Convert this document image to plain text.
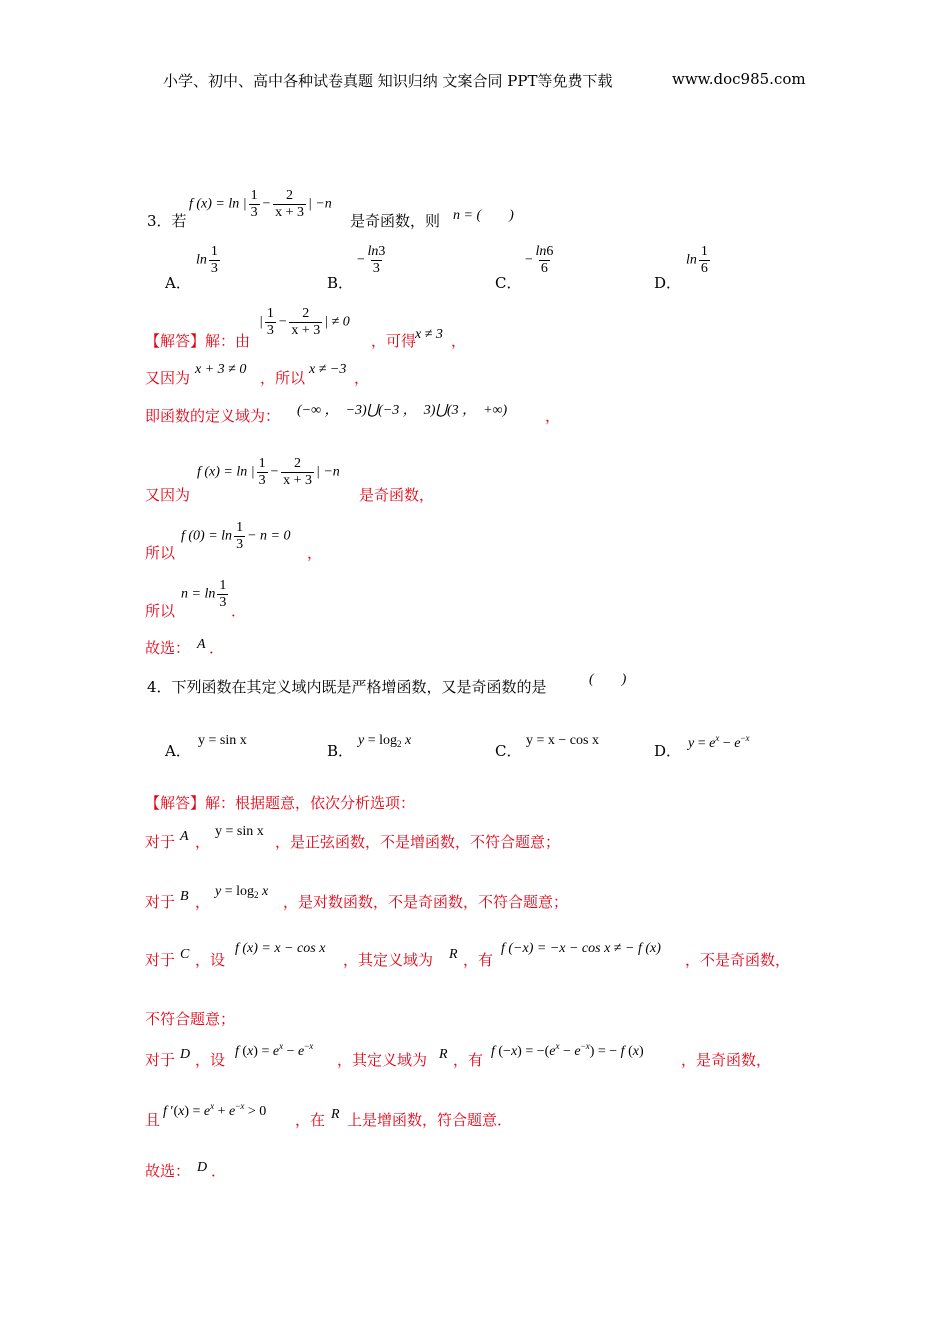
小学、初中、高中各种试卷真题 知识归纳 文案合同 PPT等免费下载	www.doc985.com
3．若
f (x) = ln | $\frac{1}{3} - \frac{2}{x + 3}$ | −n
是奇函数，则 n = (　　)
A．
$\ln \frac{1}{3}$
B．
− $\frac{\ln 3}{3}$
C．
− $\frac{\ln 6}{6}$
D．
$\ln \frac{1}{6}$
【解答】 解：由
| $\frac{1}{3} - \frac{2}{x + 3}$ | ≠ 0
，可得
x ≠ 3 ，
又因为 x + 3 ≠ 0 ，所以 x ≠ −3 ，
即函数的定义域为： (−∞ ，　−3)⋃(−3 ，　3)⋃(3 ，　+∞)	，
又因为
f (x) = ln | $\frac{1}{3} - \frac{2}{x + 3}$ | −n
是奇函数，
所以
f $(0) = \ln \frac{1}{3} - n = 0$
，
所以
$n = \ln \frac{1}{3}$ ．
故选： A ．
4．下列函数在其定义域内既是严格增函数，又是奇函数的是	(　　)
A．
y = sin x
B．
$y = \log_2 x$
C．
y = x − cos x
D． $y = e^x - e^{-x}$
【解答】 解：根据题意，依次分析选项：
对于 A ，
y = sin x
，是正弦函数，不是增函数，不符合题意；
对于 B ，
$y = \log_2 x$
，是对数函数，不是奇函数，不符合题意；
对于 C ，设
f (x) = x − cos x
，其定义域为 R ，有
f (−x) = −x − cos x ≠ − f (x)
，不是奇函数，
不符合题意；
对于 D ，设 f $(x) = e^x - e^{-x}$
，其定义域为 R ，有 f $(-x) = -(e^x - e^{-x})$ = − f (x) ，是奇函数，
且 f $'(x) = e^x + e^{-x} > 0$ ，在 R 上是增函数，符合题意．
故选： D ．
